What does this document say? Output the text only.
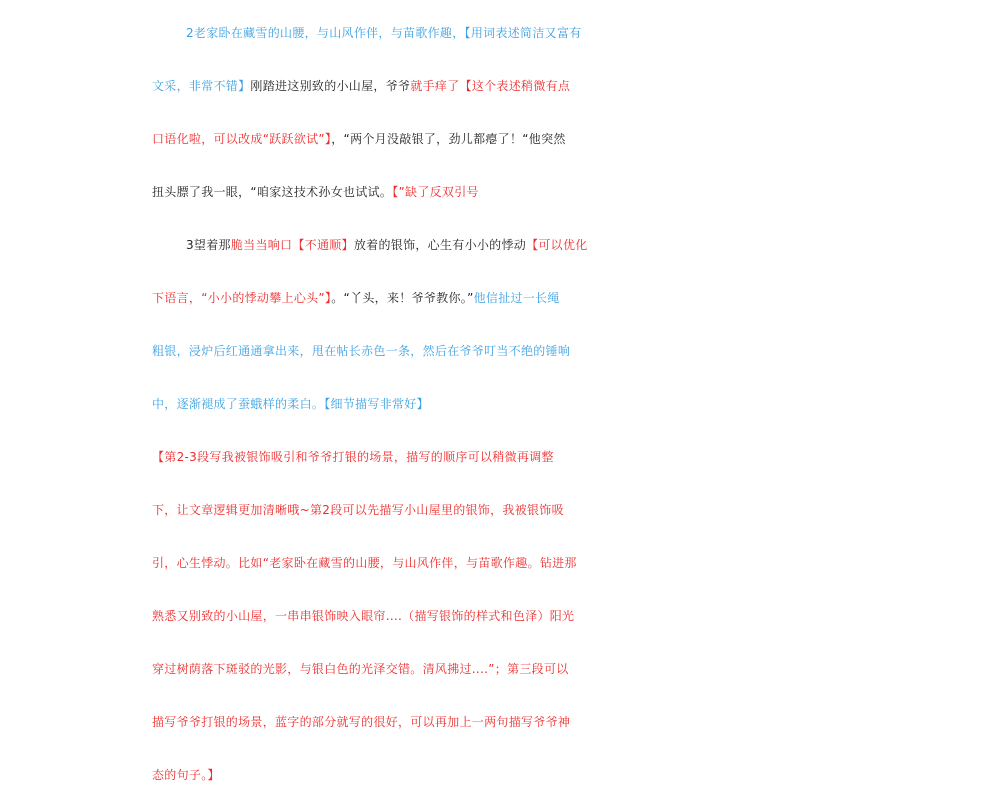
2老家卧在藏雪的山腰，与山风作伴，与苗歌作趣，【用词表述简洁又富有
文采，非常不错】刚踏进这别致的小山屋，爷爷就手痒了【这个表述稍微有点
口语化啦，可以改成“跃跃欲试”】，“两个月没敲银了，劲儿都瘪了！“他突然
扭头膘了我一眼，“咱家这技术孙女也试试。【”缺了反双引号
3望着那脆当当响口【不通顺】放着的银饰，心生有小小的悸动【可以优化
下语言，“小小的悸动攀上心头”】。“丫头，来！爷爷教你。”他信扯过一长绳
粗银，浸炉后红通通拿出来，甩在帖长赤色一条，然后在爷爷叮当不绝的锤响
中，逐渐褪成了蚕蛾样的柔白。【细节描写非常好】
【第2-3段写我被银饰吸引和爷爷打银的场景，描写的顺序可以稍微再调整
下，让文章逻辑更加清晰哦~第2段可以先描写小山屋里的银饰，我被银饰吸
引，心生悸动。比如“老家卧在藏雪的山腰，与山风作伴，与苗歌作趣。钻进那
熟悉又别致的小山屋，一串串银饰映入眼帘....（描写银饰的样式和色泽）阳光
穿过树荫落下斑驳的光影，与银白色的光泽交错。清风拂过....”；第三段可以
描写爷爷打银的场景，蓝字的部分就写的很好，可以再加上一两句描写爷爷神
态的句子。】
